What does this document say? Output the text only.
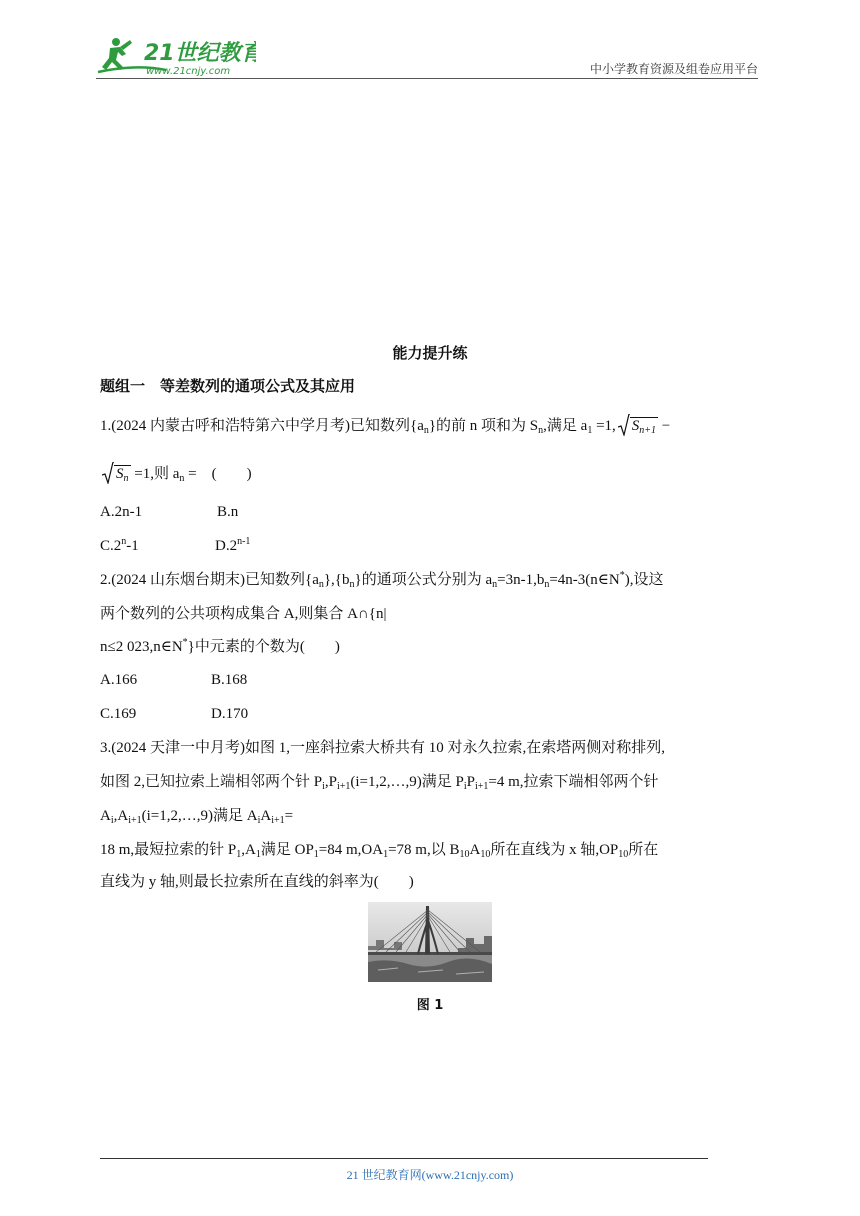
21世纪教育
www.21cnjy.com	中小学教育资源及组卷应用平台
能力提升练
题组一　等差数列的通项公式及其应用
1.(2024 内蒙古呼和浩特第六中学月考)已知数列$\{a_n\}$的前 n 项和为 $S_n$,满足 $a_1 =1$, $S_{n+1}$ −
$S_n =1$,则 $a_n$ =　(　　)
A.2n-1	B.n
C.2$^n$-1	D.2$^{n-1}$
2.(2024 山东烟台期末)已知数列$\{a_n\},\{b_n\}$的通项公式分别为 $a_n=3n-1,b_n=4n-3(n\in N^*)$,设这
两个数列的公共项构成集合 A,则集合 A∩{n|
n≤2 023,n∈N*}中元素的个数为(　　)
A.166	B.168
C.169	D.170
3.(2024 天津一中月考)如图 1,一座斜拉索大桥共有 10 对永久拉索,在索塔两侧对称排列,
如图 2,已知拉索上端相邻两个针 $P_i,P_{i+1}(i=1,2,\dots,9)$满足 $P_iP_{i+1}=4$ m,拉索下端相邻两个针
$A_i,A_{i+1}(i=1,2,\dots,9)$满足 $A_iA_{i+1}=$
18 m,最短拉索的针 $P_1,A_1$满足 $OP_1=84$ $m,OA_1=78$ m,以 $B_{10}A_{10}$所在直线为 x 轴$,OP_{10}$所在
直线为 y 轴,则最长拉索所在直线的斜率为(　　)
图 1
21 世纪教育网(www.21cnjy.com)
